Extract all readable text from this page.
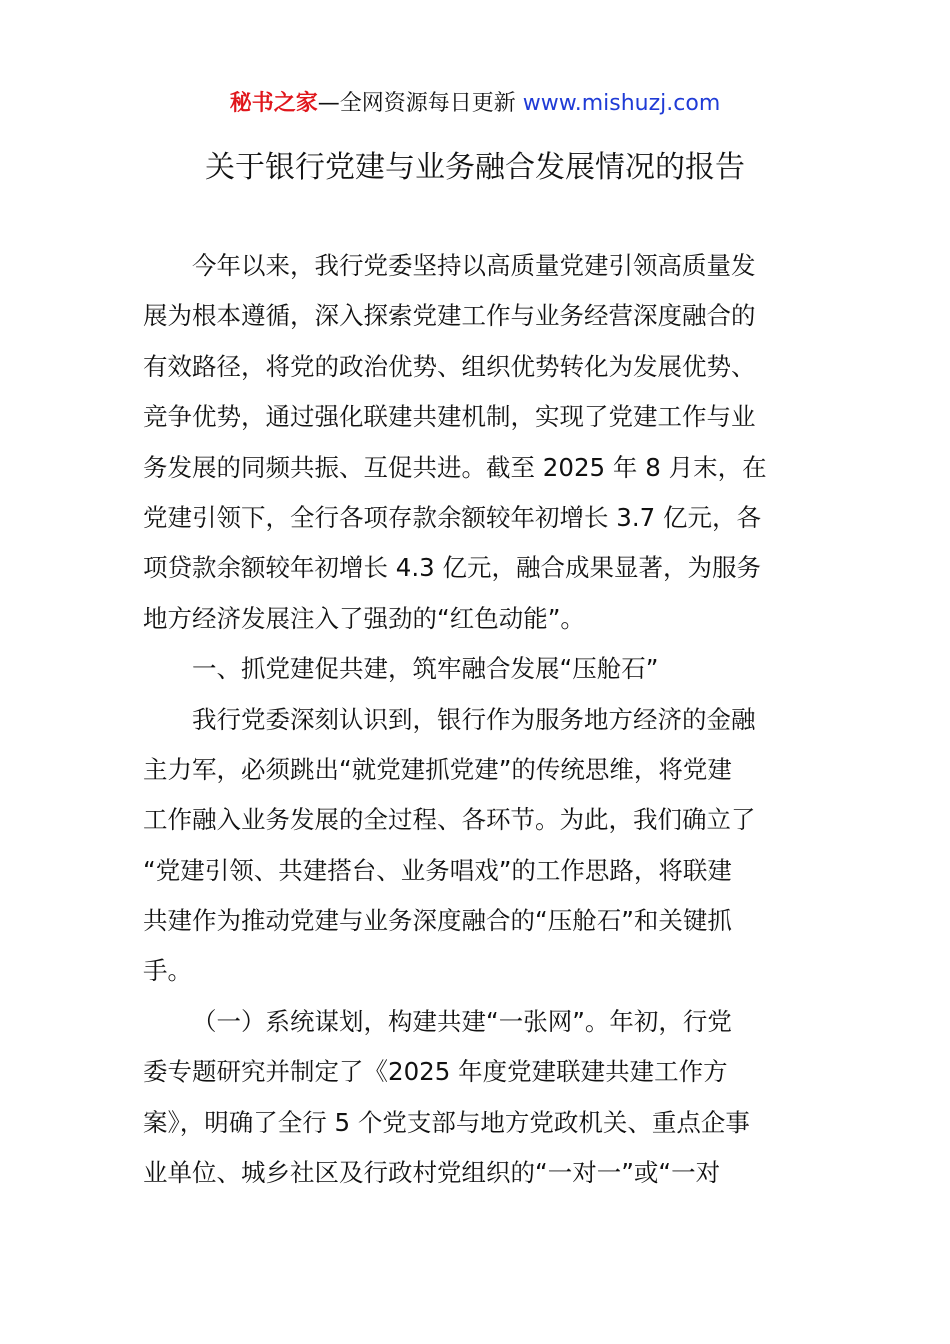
秘书之家—全网资源每日更新 www.mishuzj.com
关于银行党建与业务融合发展情况的报告
今年以来，我行党委坚持以高质量党建引领高质量发
展为根本遵循，深入探索党建工作与业务经营深度融合的
有效路径，将党的政治优势、组织优势转化为发展优势、
竞争优势，通过强化联建共建机制，实现了党建工作与业
务发展的同频共振、互促共进。截至 2025 年 8 月末，在
党建引领下，全行各项存款余额较年初增长 3.7 亿元，各
项贷款余额较年初增长 4.3 亿元，融合成果显著，为服务
地方经济发展注入了强劲的“红色动能”。
一、抓党建促共建，筑牢融合发展“压舱石”
我行党委深刻认识到，银行作为服务地方经济的金融
主力军，必须跳出“就党建抓党建”的传统思维，将党建
工作融入业务发展的全过程、各环节。为此，我们确立了
“党建引领、共建搭台、业务唱戏”的工作思路，将联建
共建作为推动党建与业务深度融合的“压舱石”和关键抓
手。
（一）系统谋划，构建共建“一张网”。年初，行党
委专题研究并制定了《2025 年度党建联建共建工作方
案》，明确了全行 5 个党支部与地方党政机关、重点企事
业单位、城乡社区及行政村党组织的“一对一”或“一对
